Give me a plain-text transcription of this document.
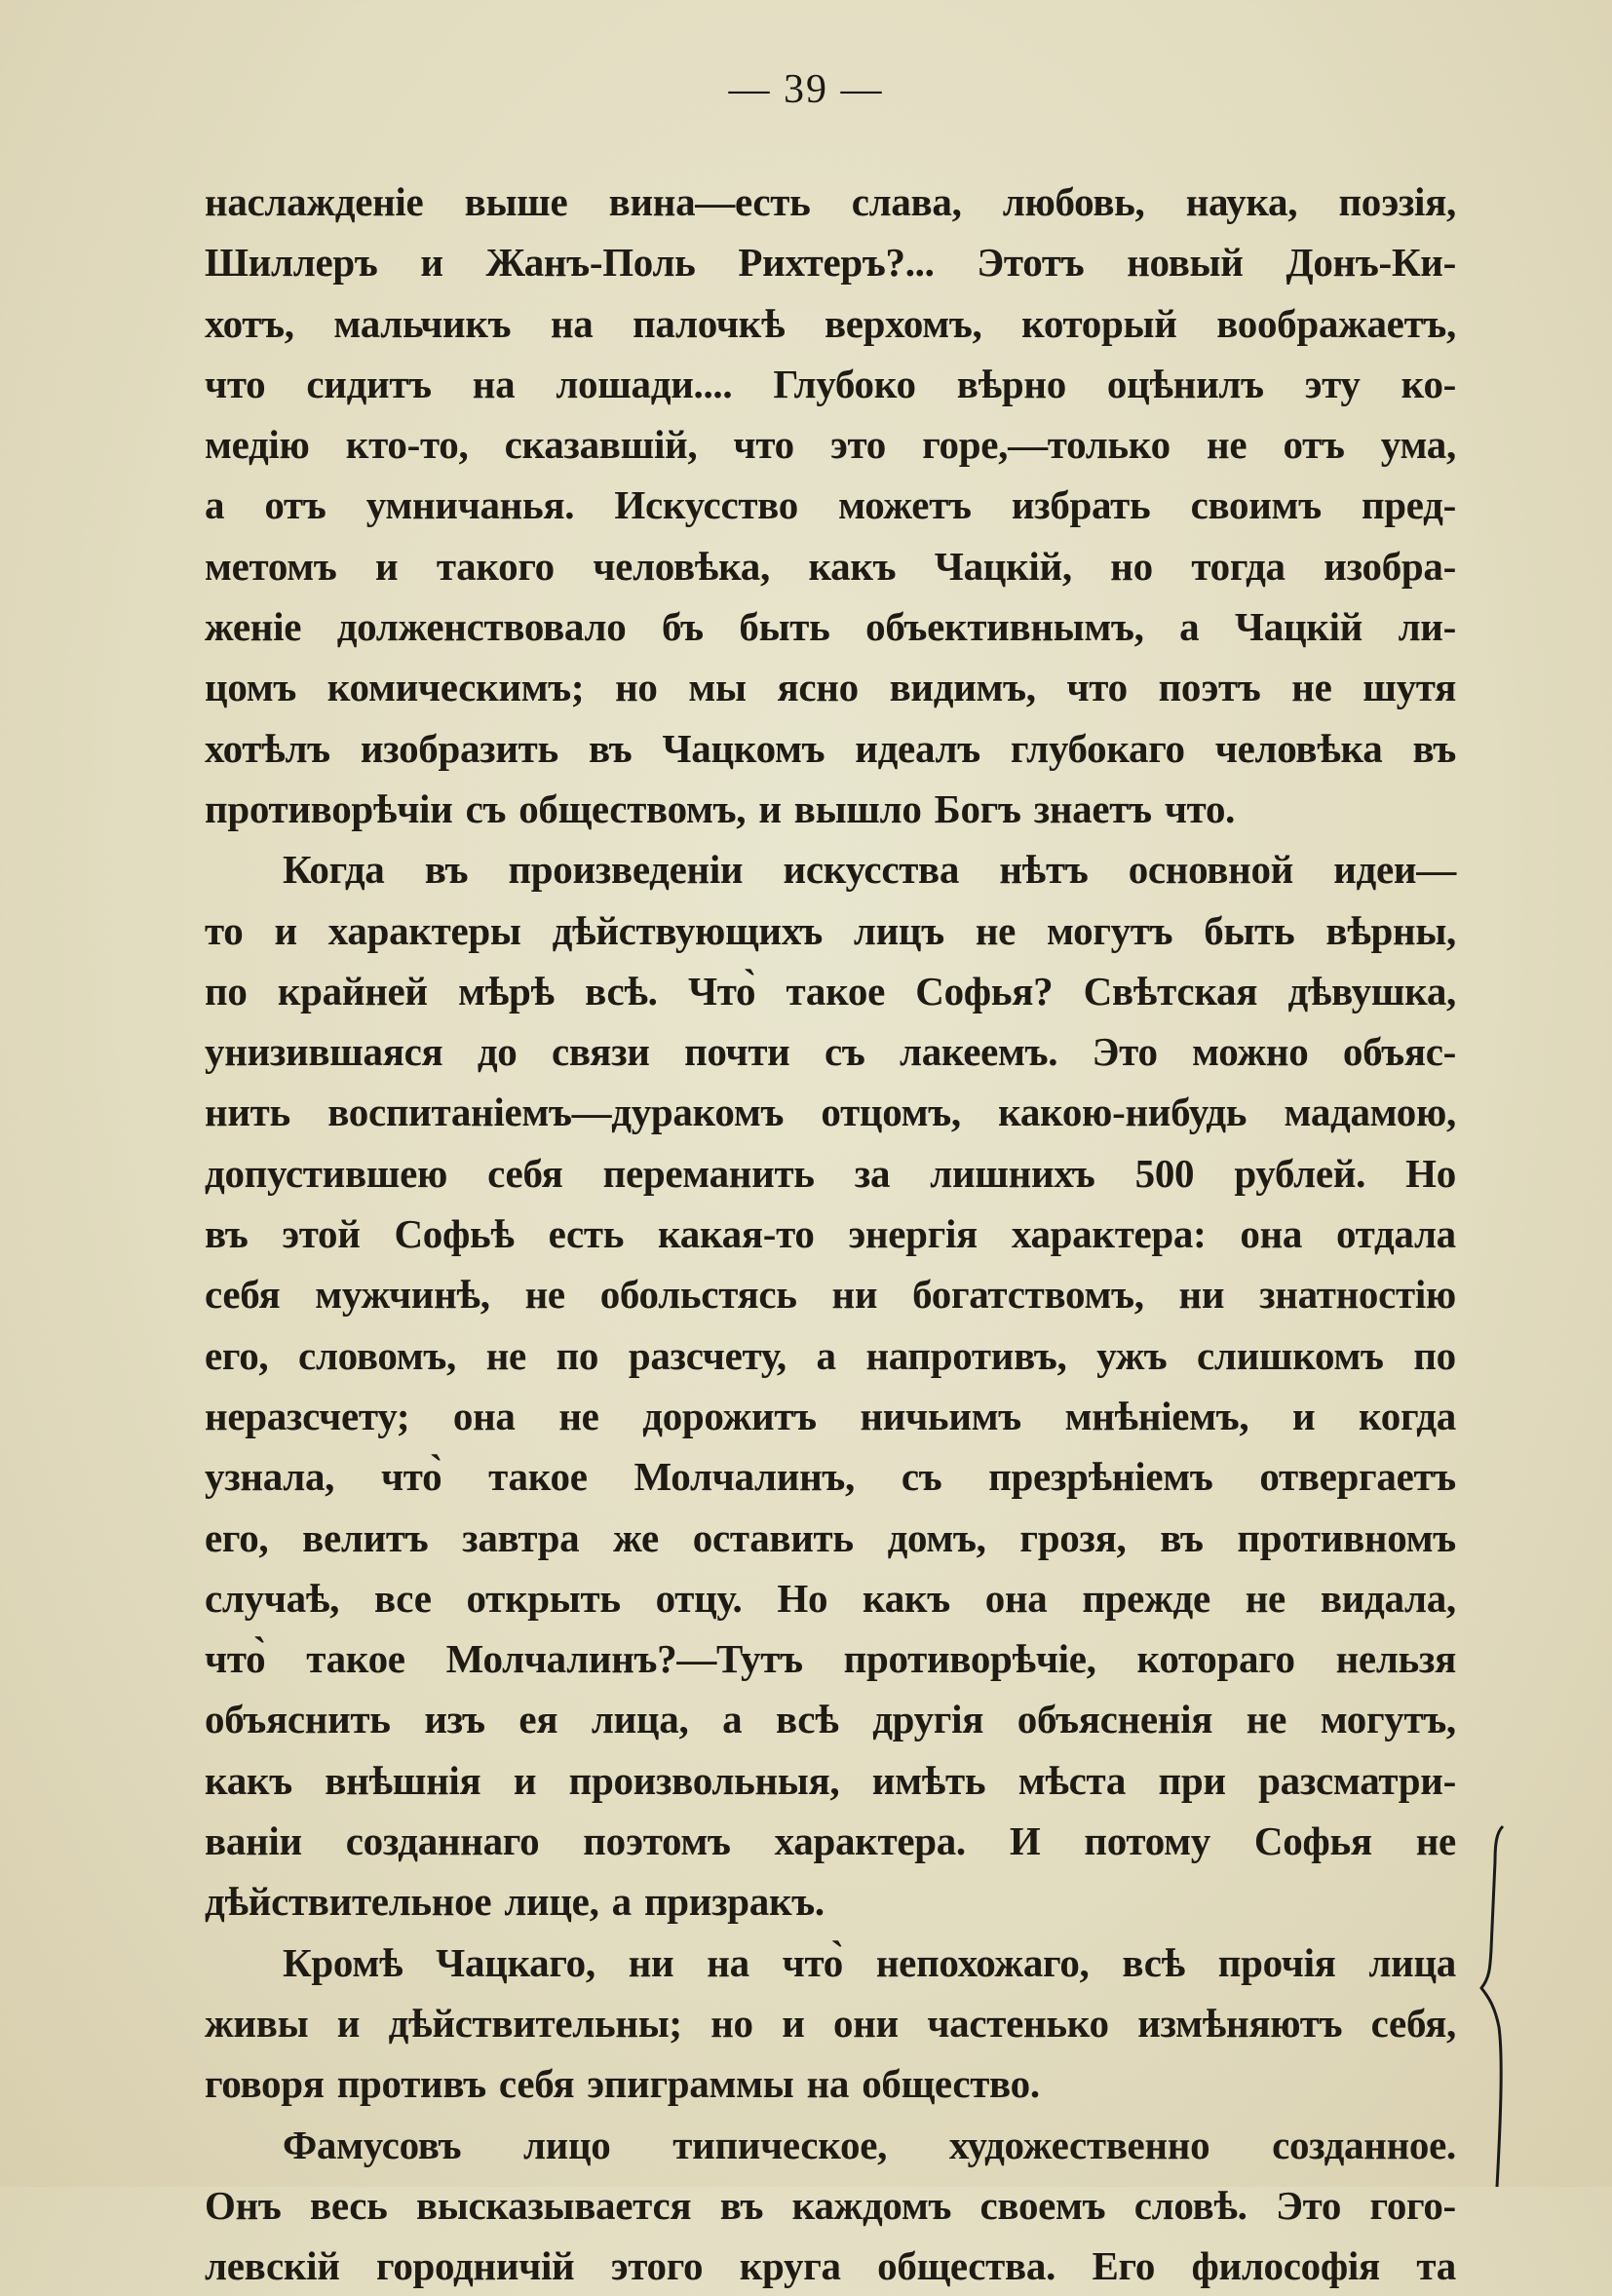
— 39 —
наслажденіе выше вина—есть слава, любовь, наука, поэзія,
Шиллеръ и Жанъ-Поль Рихтеръ?... Этотъ новый Донъ-Ки-
хотъ, мальчикъ на палочкѣ верхомъ, который воображаетъ,
что сидитъ на лошади.... Глубоко вѣрно оцѣнилъ эту ко-
медію кто-то, сказавшій, что это горе,—только не отъ ума,
а отъ умничанья. Искусство можетъ избрать своимъ пред-
метомъ и такого человѣка, какъ Чацкій, но тогда изобра-
женіе долженствовало бъ быть объективнымъ, а Чацкій ли-
цомъ комическимъ; но мы ясно видимъ, что поэтъ не шутя
хотѣлъ изобразить въ Чацкомъ идеалъ глубокаго человѣка въ
противорѣчіи съ обществомъ, и вышло Богъ знаетъ что.
Когда въ произведеніи искусства нѣтъ основной идеи—
то и характеры дѣйствующихъ лицъ не могутъ быть вѣрны,
по крайней мѣрѣ всѣ. Что̀ такое Софья? Свѣтская дѣвушка,
унизившаяся до связи почти съ лакеемъ. Это можно объяс-
нить воспитаніемъ—дуракомъ отцомъ, какою-нибудь мадамою,
допустившею себя переманить за лишнихъ 500 рублей. Но
въ этой Софьѣ есть какая-то энергія характера: она отдала
себя мужчинѣ, не обольстясь ни богатствомъ, ни знатностію
его, словомъ, не по разсчету, а напротивъ, ужъ слишкомъ по
неразсчету; она не дорожитъ ничьимъ мнѣніемъ, и когда
узнала, что̀ такое Молчалинъ, съ презрѣніемъ отвергаетъ
его, велитъ завтра же оставить домъ, грозя, въ противномъ
случаѣ, все открыть отцу. Но какъ она прежде не видала,
что̀ такое Молчалинъ?—Тутъ противорѣчіе, котораго нельзя
объяснить изъ ея лица, а всѣ другія объясненія не могутъ,
какъ внѣшнія и произвольныя, имѣть мѣста при разсматри-
ваніи созданнаго поэтомъ характера. И потому Софья не
дѣйствительное лице, а призракъ.
Кромѣ Чацкаго, ни на что̀ непохожаго, всѣ прочія лица
живы и дѣйствительны; но и они частенько измѣняютъ себя,
говоря противъ себя эпиграммы на общество.
Фамусовъ лицо типическое, художественно созданное.
Онъ весь высказывается въ каждомъ своемъ словѣ. Это гого-
левскій городничій этого круга общества. Его философія та
